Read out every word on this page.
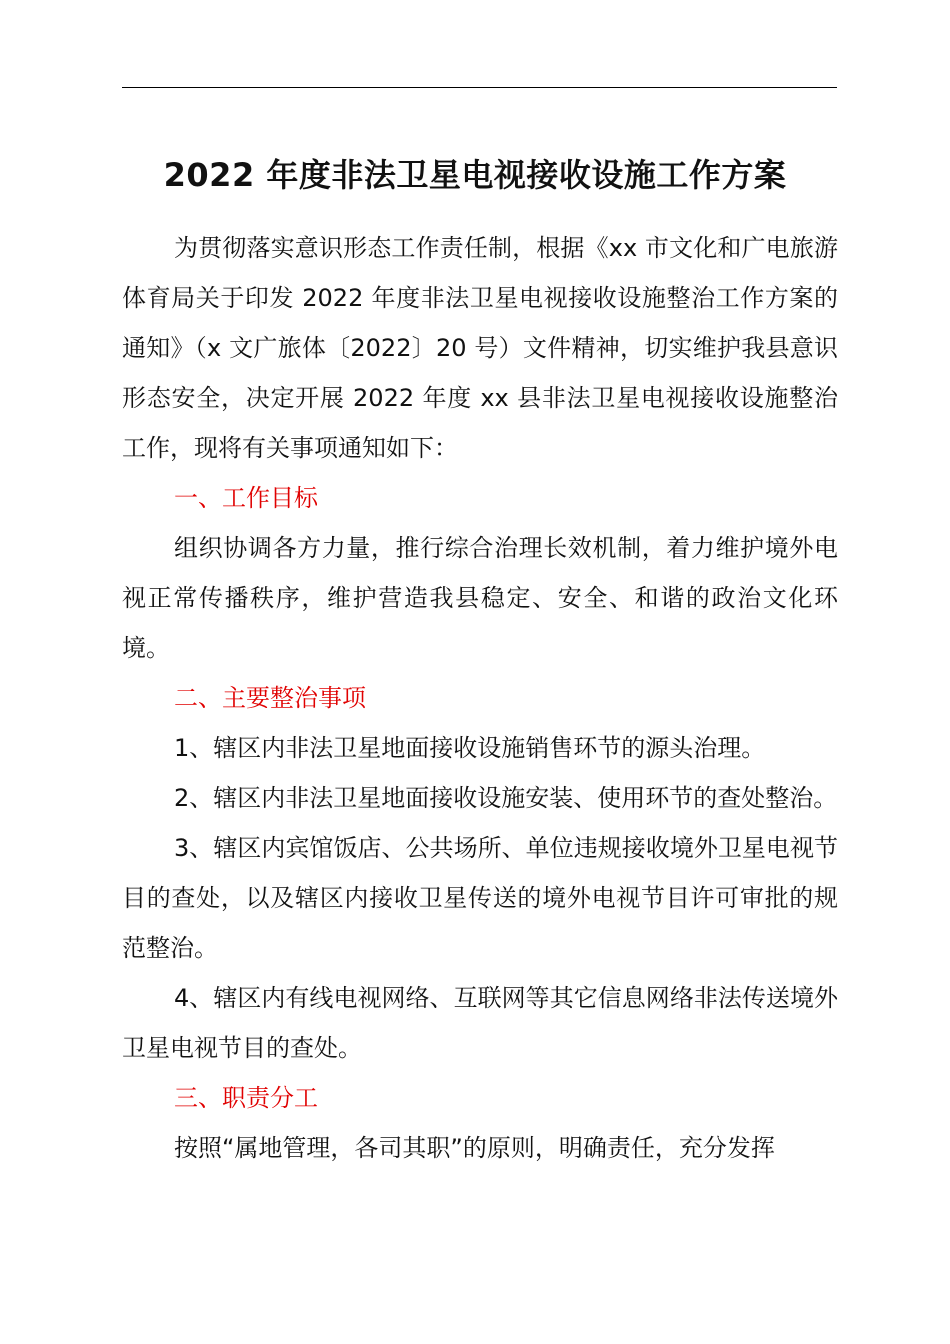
2022 年度非法卫星电视接收设施工作方案

为贯彻落实意识形态工作责任制，根据《xx 市文化和广电旅游体育局关于印发 2022 年度非法卫星电视接收设施整治工作方案的通知》（x 文广旅体〔2022〕20 号）文件精神，切实维护我县意识形态安全，决定开展 2022 年度 xx 县非法卫星电视接收设施整治工作，现将有关事项通知如下：

一、工作目标

组织协调各方力量，推行综合治理长效机制，着力维护境外电视正常传播秩序，维护营造我县稳定、安全、和谐的政治文化环境。

二、主要整治事项

1、辖区内非法卫星地面接收设施销售环节的源头治理。

2、辖区内非法卫星地面接收设施安装、使用环节的查处整治。

3、辖区内宾馆饭店、公共场所、单位违规接收境外卫星电视节目的查处，以及辖区内接收卫星传送的境外电视节目许可审批的规范整治。

4、辖区内有线电视网络、互联网等其它信息网络非法传送境外卫星电视节目的查处。

三、职责分工

按照“属地管理，各司其职”的原则，明确责任，充分发挥
